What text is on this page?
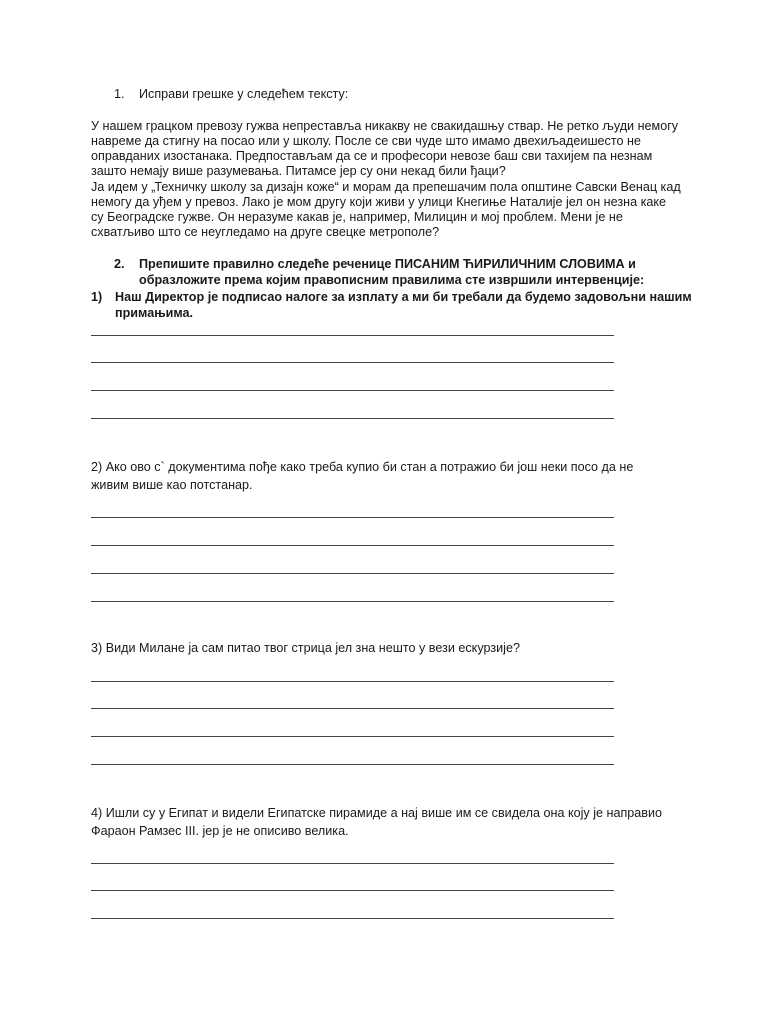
1. Исправи грешке у следећем тексту:
У нашем грацком превозу гужва непреставља никакву не свакидашњу ствар. Не ретко људи немогу
навреме да стигну на посао или у школу. После се сви чуде што имамо двехиљадеишесто не
оправданих изостанака. Предпостављам да се и професори невозе баш сви тахијем па незнам
зашто немају више разумевања. Питамсе јер су они некад били ђаци?
Ја идем у „Техничку школу за дизајн коже“ и морам да препешачим пола општине Савски Венац кад
немогу да уђем у превоз. Лако је мом другу који живи у улици Кнегиње Наталије јел он незна каке
су Беогрaдске гужве. Он неразуме какав је, например, Милицин и мој проблем. Мени је не
схватљиво што се неугледамо на друге свецке метрополе?
2. Препишите правилно следеће реченице ПИСАНИМ ЋИРИЛИЧНИМ СЛОВИМА и
образложите према којим правописним правилима сте извршили интервенције:
1) Наш Директор је подписао налоге за изплату а ми би требали да будемо задовољни нашим
примањима.
2) Ако ово с` документима пође како треба купио би стан а потражио би још неки посо да не
живим више као потстанар.
3) Види Милане ја сам питао твог стрица јел зна нешто у вези ескурзије?
4) Ишли су у Египат и видели Египатске пирамиде а нај више им се свидела она коју је направио
Фараон Рамзес III. јер је не описиво велика.
